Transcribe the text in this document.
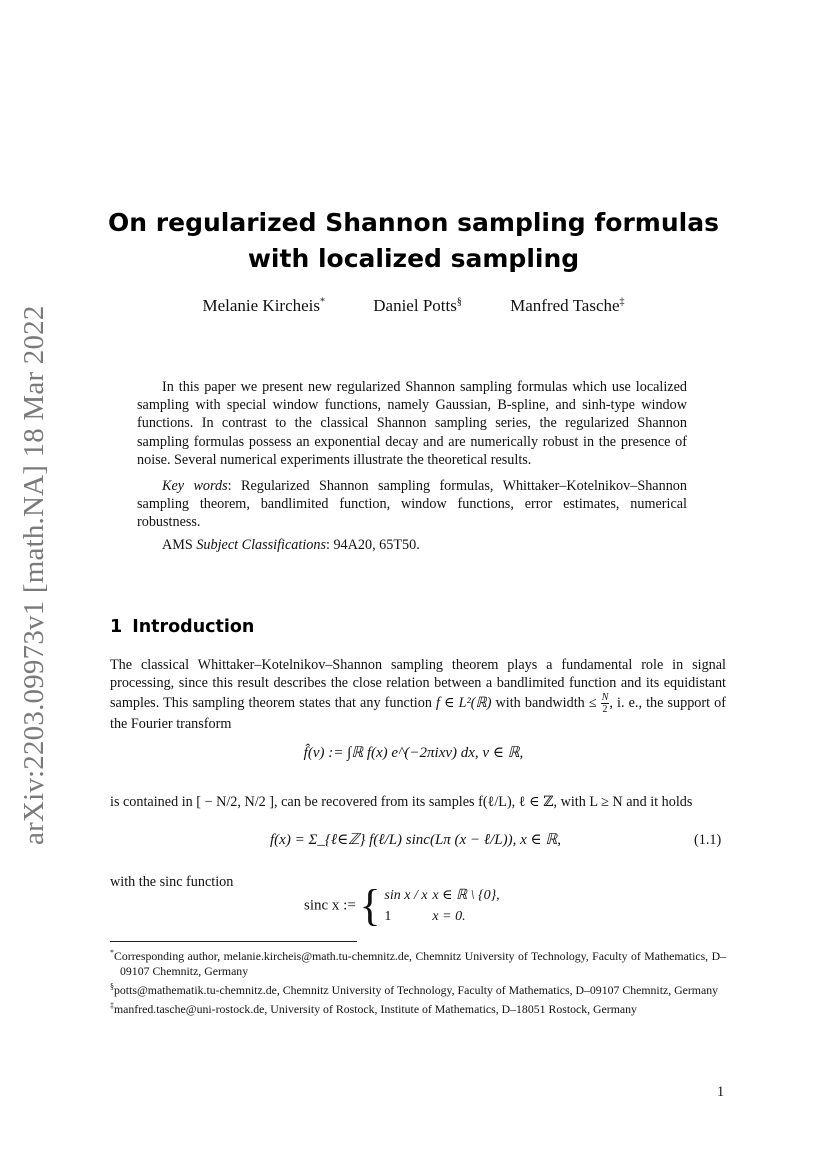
arXiv:2203.09973v1 [math.NA] 18 Mar 2022
On regularized Shannon sampling formulas
with localized sampling
Melanie Kircheis*	Daniel Potts§	Manfred Tasche‡

In this paper we present new regularized Shannon sampling formulas which use localized sampling with special window functions, namely Gaussian, B-spline, and sinh-type window functions. In contrast to the classical Shannon sampling series, the regularized Shannon sampling formulas possess an exponential decay and are numerically robust in the presence of noise. Several numerical experiments illustrate the theoretical results.

Key words: Regularized Shannon sampling formulas, Whittaker–Kotelnikov–Shannon sampling theorem, bandlimited function, window functions, error estimates, numerical robustness.

AMS Subject Classifications: 94A20, 65T50.

1 Introduction
The classical Whittaker–Kotelnikov–Shannon sampling theorem plays a fundamental role in signal processing, since this result describes the close relation between a bandlimited function and its equidistant samples. This sampling theorem states that any function f ∈ L²(ℝ) with bandwidth ≤ $\frac{N}{2}$ , i. e., the support of the Fourier transform
f̂(v) := ∫ℝ f(x) e^(−2πixv) dx, v ∈ ℝ,
is contained in [ − N/2, N/2 ], can be recovered from its samples f(ℓ/L), ℓ ∈ ℤ, with L ≥ N and it holds
f(x) = Σ_{ℓ∈ℤ} f(ℓ/L) sinc(Lπ (x − ℓ/L)), x ∈ ℝ,	(1.1)
with the sinc function
sinc x := { sin x / x x ∈ ℝ \ {0},
1	x = 0.

*Corresponding author, melanie.kircheis@math.tu-chemnitz.de, Chemnitz University of Technology, Faculty of Mathematics, D–09107 Chemnitz, Germany

§potts@mathematik.tu-chemnitz.de, Chemnitz University of Technology, Faculty of Mathematics, D–09107 Chemnitz, Germany

‡manfred.tasche@uni-rostock.de, University of Rostock, Institute of Mathematics, D–18051 Rostock, Germany

1
